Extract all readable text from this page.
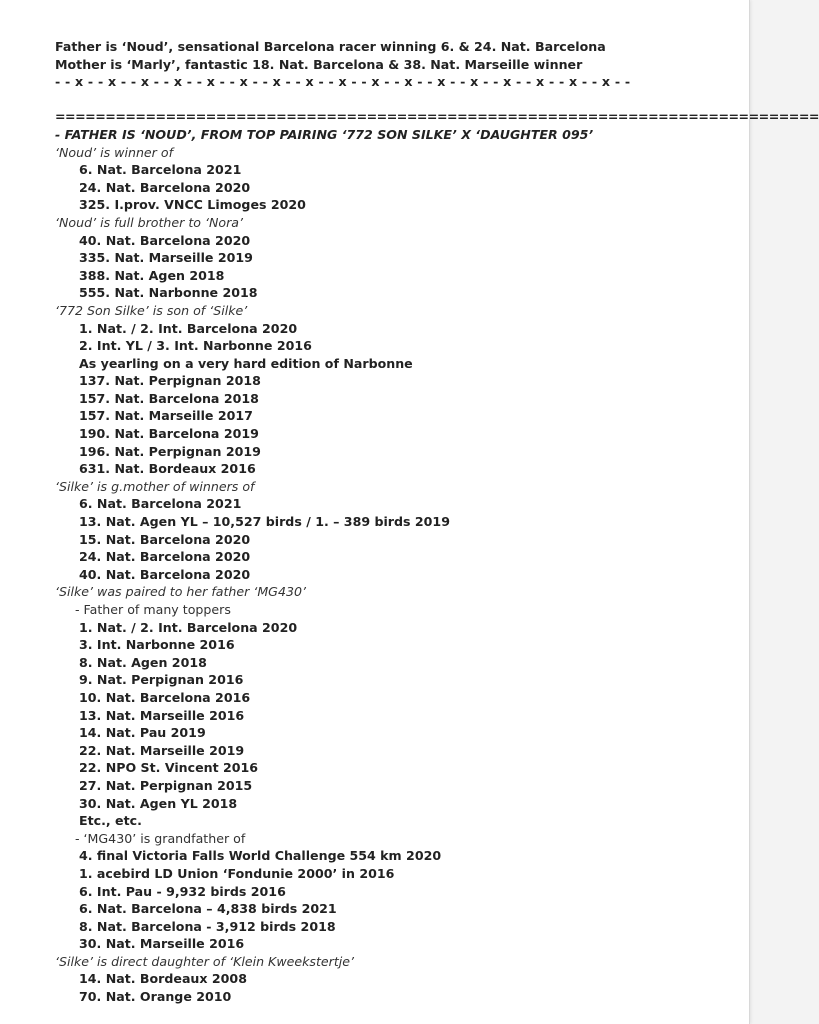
Father is ‘Noud’, sensational Barcelona racer winning 6. & 24. Nat. Barcelona
Mother is ‘Marly’, fantastic 18. Nat. Barcelona & 38. Nat. Marseille winner
- - x - - x - - x - - x - - x - - x - - x - - x - - x - - x - - x - - x - - x - - x - - x - - x - - x - -
============================================================================
- FATHER IS ‘NOUD’, FROM TOP PAIRING ‘772 SON SILKE’ X ‘DAUGHTER 095’
‘Noud’ is winner of
6. Nat. Barcelona 2021
24. Nat. Barcelona 2020
325. I.prov. VNCC Limoges 2020
‘Noud’ is full brother to ‘Nora’
40. Nat. Barcelona 2020
335. Nat. Marseille 2019
388. Nat. Agen 2018
555. Nat. Narbonne 2018
‘772 Son Silke’ is son of ‘Silke’
1. Nat. / 2. Int. Barcelona 2020
2. Int. YL / 3. Int. Narbonne 2016
As yearling on a very hard edition of Narbonne
137. Nat. Perpignan 2018
157. Nat. Barcelona 2018
157. Nat. Marseille 2017
190. Nat. Barcelona 2019
196. Nat. Perpignan 2019
631. Nat. Bordeaux 2016
‘Silke’ is g.mother of winners of
6. Nat. Barcelona 2021
13. Nat. Agen YL – 10,527 birds / 1. – 389 birds 2019
15. Nat. Barcelona 2020
24. Nat. Barcelona 2020
40. Nat. Barcelona 2020
‘Silke’ was paired to her father ‘MG430’
- Father of many toppers
1. Nat. / 2. Int. Barcelona 2020
3. Int. Narbonne 2016
8. Nat. Agen 2018
9. Nat. Perpignan 2016
10. Nat. Barcelona 2016
13. Nat. Marseille 2016
14. Nat. Pau 2019
22. Nat. Marseille 2019
22. NPO St. Vincent 2016
27. Nat. Perpignan 2015
30. Nat. Agen YL 2018
Etc., etc.
- ‘MG430’ is grandfather of
4. final Victoria Falls World Challenge 554 km 2020
1. acebird LD Union ‘Fondunie 2000’ in 2016
6. Int. Pau - 9,932 birds 2016
6. Nat. Barcelona – 4,838 birds 2021
8. Nat. Barcelona - 3,912 birds 2018
30. Nat. Marseille 2016
‘Silke’ is direct daughter of ‘Klein Kweekstertje’
14. Nat. Bordeaux 2008
70. Nat. Orange 2010
